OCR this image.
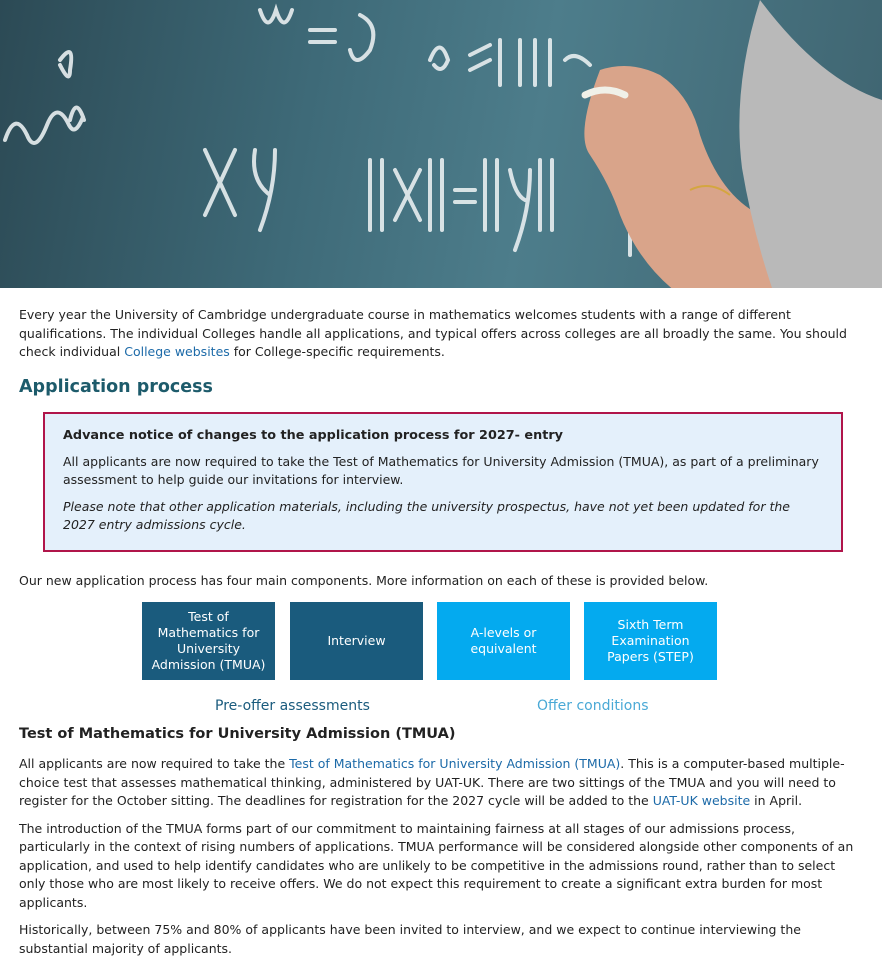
Every year the University of Cambridge undergraduate course in mathematics welcomes students with a range of different qualifications. The individual Colleges handle all applications, and typical offers across colleges are all broadly the same. You should check individual College websites for College-specific requirements.

Application process
Advance notice of changes to the application process for 2027- entry

All applicants are now required to take the Test of Mathematics for University Admission (TMUA), as part of a preliminary assessment to help guide our invitations for interview.

Please note that other application materials, including the university prospectus, have not yet been updated for the 2027 entry admissions cycle.

Our new application process has four main components. More information on each of these is provided below.

Test of Mathematics for University Admission (TMUA)
Interview
A-levels or equivalent
Sixth Term Examination Papers (STEP)
Pre-offer assessments	Offer conditions
Test of Mathematics for University Admission (TMUA)

All applicants are now required to take the Test of Mathematics for University Admission (TMUA). This is a computer-based multiple-choice test that assesses mathematical thinking, administered by UAT-UK. There are two sittings of the TMUA and you will need to register for the October sitting. The deadlines for registration for the 2027 cycle will be added to the UAT-UK website in April.

The introduction of the TMUA forms part of our commitment to maintaining fairness at all stages of our admissions process, particularly in the context of rising numbers of applications. TMUA performance will be considered alongside other components of an application, and used to help identify candidates who are unlikely to be competitive in the admissions round, rather than to select only those who are most likely to receive offers. We do not expect this requirement to create a significant extra burden for most applicants.

Historically, between 75% and 80% of applicants have been invited to interview, and we expect to continue interviewing the substantial majority of applicants.
